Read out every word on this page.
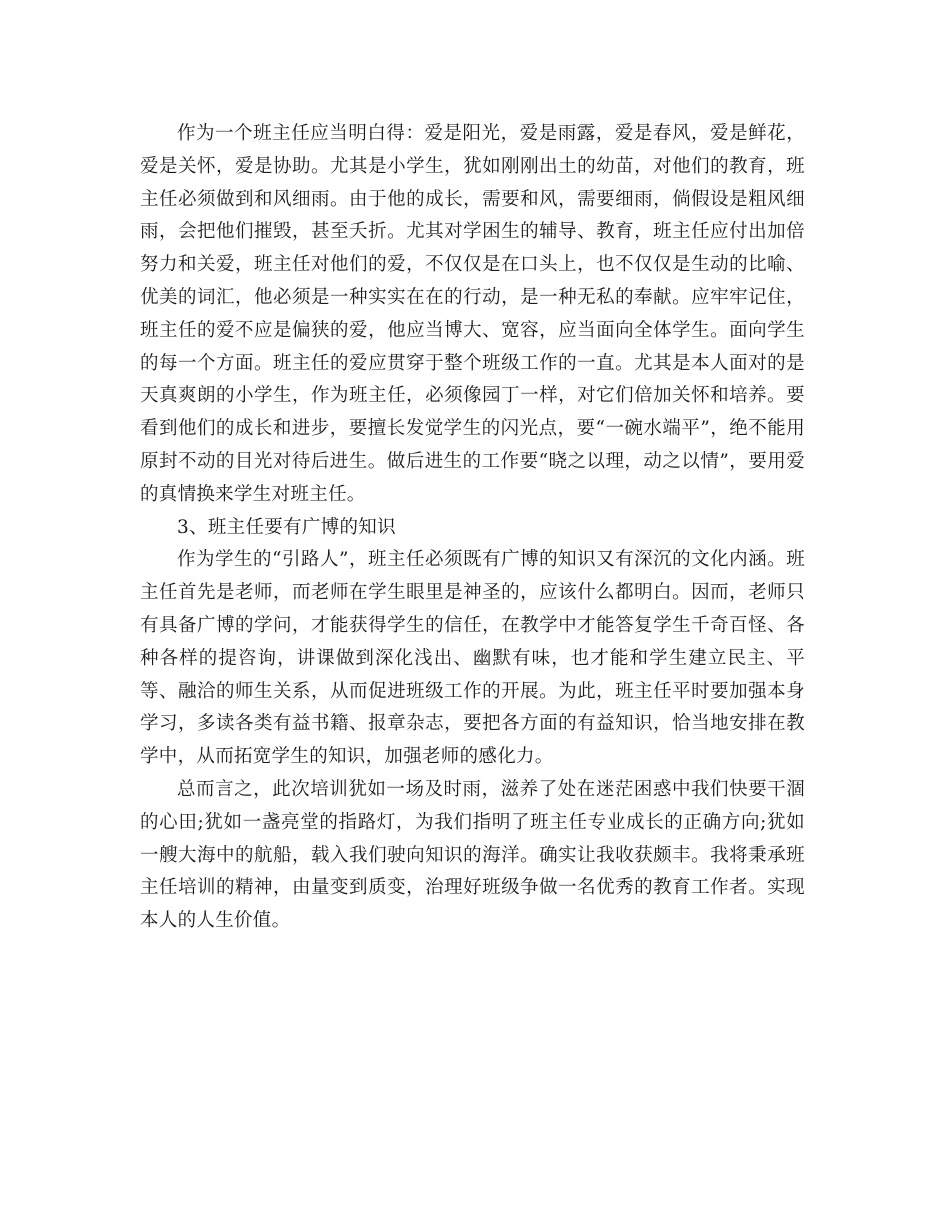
作为一个班主任应当明白得：爱是阳光，爱是雨露，爱是春风，爱是鲜花，爱是关怀，爱是协助。尤其是小学生，犹如刚刚出土的幼苗，对他们的教育，班主任必须做到和风细雨。由于他的成长，需要和风，需要细雨，倘假设是粗风细雨，会把他们摧毁，甚至夭折。尤其对学困生的辅导、教育，班主任应付出加倍努力和关爱，班主任对他们的爱，不仅仅是在口头上，也不仅仅是生动的比喻、优美的词汇，他必须是一种实实在在的行动，是一种无私的奉献。应牢牢记住，班主任的爱不应是偏狭的爱，他应当博大、宽容，应当面向全体学生。面向学生的每一个方面。班主任的爱应贯穿于整个班级工作的一直。尤其是本人面对的是天真爽朗的小学生，作为班主任，必须像园丁一样，对它们倍加关怀和培养。要看到他们的成长和进步，要擅长发觉学生的闪光点，要“一碗水端平”，绝不能用原封不动的目光对待后进生。做后进生的工作要“晓之以理，动之以情”，要用爱的真情换来学生对班主任。

3、班主任要有广博的知识

作为学生的“引路人”，班主任必须既有广博的知识又有深沉的文化内涵。班主任首先是老师，而老师在学生眼里是神圣的，应该什么都明白。因而，老师只有具备广博的学问，才能获得学生的信任，在教学中才能答复学生千奇百怪、各种各样的提咨询，讲课做到深化浅出、幽默有味，也才能和学生建立民主、平等、融洽的师生关系，从而促进班级工作的开展。为此，班主任平时要加强本身学习，多读各类有益书籍、报章杂志，要把各方面的有益知识，恰当地安排在教学中，从而拓宽学生的知识，加强老师的感化力。

总而言之，此次培训犹如一场及时雨，滋养了处在迷茫困惑中我们快要干涸的心田;犹如一盏亮堂的指路灯，为我们指明了班主任专业成长的正确方向;犹如一艘大海中的航船，载入我们驶向知识的海洋。确实让我收获颇丰。我将秉承班主任培训的精神，由量变到质变，治理好班级争做一名优秀的教育工作者。实现本人的人生价值。
